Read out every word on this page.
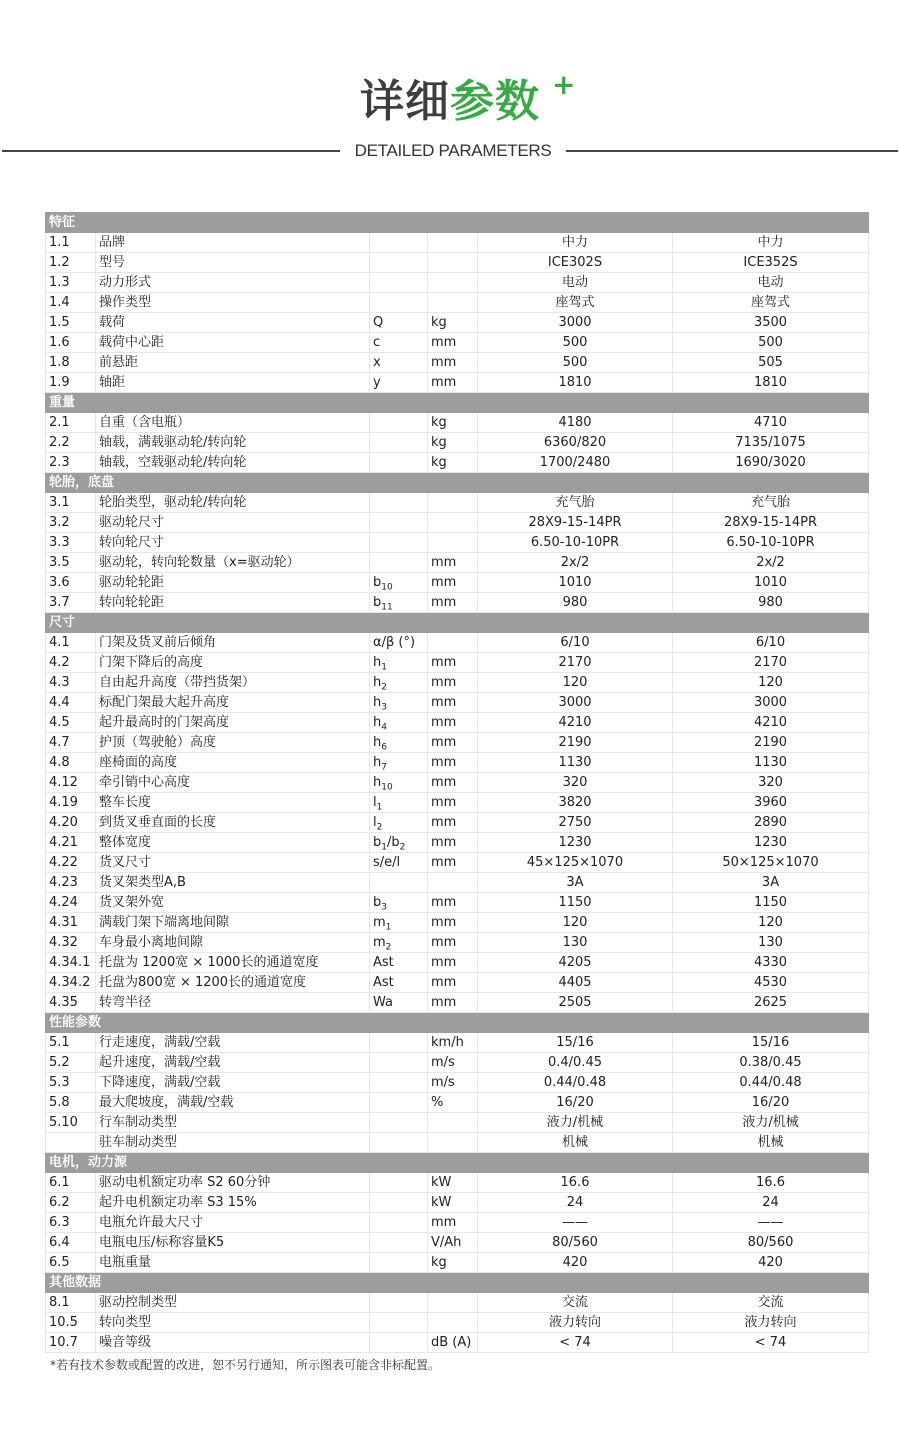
详细参数 +
DETAILED PARAMETERS
特征					
1.1	品牌			中力	中力
1.2	型号			ICE302S	ICE352S
1.3	动力形式			电动	电动
1.4	操作类型			座驾式	座驾式
1.5	载荷	Q	kg	3000	3500
1.6	载荷中心距	c	mm	500	500
1.8	前悬距	x	mm	500	505
1.9	轴距	y	mm	1810	1810
重量					
2.1	自重（含电瓶）		kg	4180	4710
2.2	轴载，满载驱动轮/转向轮		kg	6360/820	7135/1075
2.3	轴载，空载驱动轮/转向轮		kg	1700/2480	1690/3020
轮胎，底盘					
3.1	轮胎类型，驱动轮/转向轮			充气胎	充气胎
3.2	驱动轮尺寸			28X9-15-14PR	28X9-15-14PR
3.3	转向轮尺寸			6.50-10-10PR	6.50-10-10PR
3.5	驱动轮，转向轮数量（x=驱动轮）		mm	2x/2	2x/2
3.6	驱动轮轮距	$b_{10}$	mm	1010	1010
3.7	转向轮轮距	$b_{11}$	mm	980	980
尺寸					
4.1	门架及货叉前后倾角	α/β (°)		6/10	6/10
4.2	门架下降后的高度	$h_1$	mm	2170	2170
4.3	自由起升高度（带挡货架）	$h_2$	mm	120	120
4.4	标配门架最大起升高度	$h_3$	mm	3000	3000
4.5	起升最高时的门架高度	$h_4$	mm	4210	4210
4.7	护顶（驾驶舱）高度	$h_6$	mm	2190	2190
4.8	座椅面的高度	$h_7$	mm	1130	1130
4.12	牵引销中心高度	$h_{10}$	mm	320	320
4.19	整车长度	$l_1$	mm	3820	3960
4.20	到货叉垂直面的长度	$l_2$	mm	2750	2890
4.21	整体宽度	$b_1/b_2$	mm	1230	1230
4.22	货叉尺寸	s/e/l	mm	45×125×1070	50×125×1070
4.23	货叉架类型A,B			3A	3A
4.24	货叉架外宽	$b_3$	mm	1150	1150
4.31	满载门架下端离地间隙	$m_1$	mm	120	120
4.32	车身最小离地间隙	$m_2$	mm	130	130
4.34.1	托盘为 1200宽 × 1000长的通道宽度	Ast	mm	4205	4330
4.34.2	托盘为800宽 × 1200长的通道宽度	Ast	mm	4405	4530
4.35	转弯半径	Wa	mm	2505	2625
性能参数					
5.1	行走速度，满载/空载		km/h	15/16	15/16
5.2	起升速度，满载/空载		m/s	0.4/0.45	0.38/0.45
5.3	下降速度，满载/空载		m/s	0.44/0.48	0.44/0.48
5.8	最大爬坡度，满载/空载		%	16/20	16/20
5.10	行车制动类型			液力/机械	液力/机械
	驻车制动类型			机械	机械
电机，动力源					
6.1	驱动电机额定功率 S2 60分钟		kW	16.6	16.6
6.2	起升电机额定功率 S3 15%		kW	24	24
6.3	电瓶允许最大尺寸		mm	——	——
6.4	电瓶电压/标称容量K5		V/Ah	80/560	80/560
6.5	电瓶重量		kg	420	420
其他数据					
8.1	驱动控制类型			交流	交流
10.5	转向类型			液力转向	液力转向
10.7	噪音等级		dB (A)	< 74	< 74
*若有技术参数或配置的改进，恕不另行通知，所示图表可能含非标配置。
